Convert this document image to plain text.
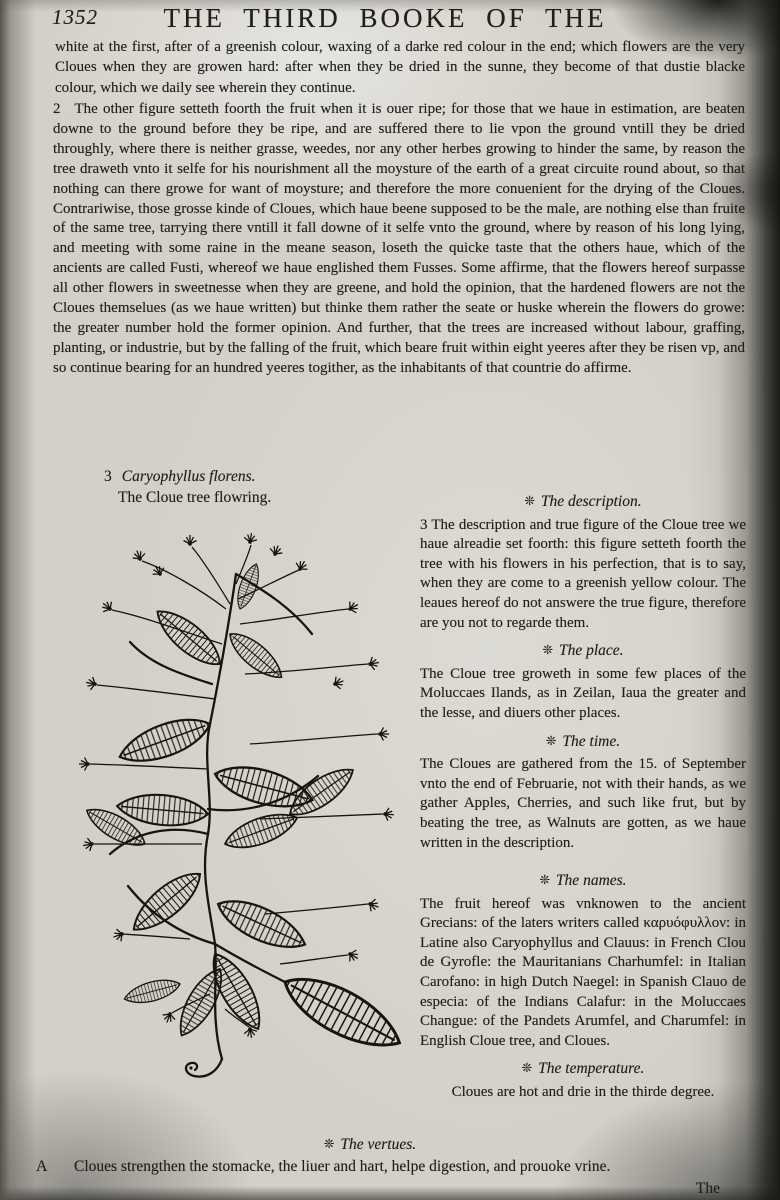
1352	THE THIRD BOOKE OF THE

white at the first, after of a greenish colour, waxing of a darke red colour in the end; which flowers are the very Cloues when they are growen hard: after when they be dried in the sunne, they become of that dustie blacke colour, which we daily see wherein they continue.

2 The other figure setteth foorth the fruit when it is ouer ripe; for those that we haue in estimation, are beaten downe to the ground before they be ripe, and are suffered there to lie vpon the ground vntill they be dried throughly, where there is neither grasse, weedes, nor any other herbes growing to hinder the same, by reason the tree draweth vnto it selfe for his nourishment all the moysture of the earth of a great circuite round about, so that nothing can there growe for want of moysture; and therefore the more conuenient for the drying of the Cloues. Contrariwise, those grosse kinde of Cloues, which haue beene supposed to be the male, are nothing else than fruite of the same tree, tarrying there vntill it fall downe of it selfe vnto the ground, where by reason of his long lying, and meeting with some raine in the meane season, loseth the quicke taste that the others haue, which of the ancients are called Fusti, whereof we haue englished them Fusses. Some affirme, that the flowers hereof surpasse all other flowers in sweetnesse when they are greene, and hold the opinion, that the hardened flowers are not the Cloues themselues (as we haue written) but thinke them rather the seate or huske wherein the flowers do growe: the greater number hold the former opinion. And further, that the trees are increased without labour, graffing, planting, or industrie, but by the falling of the fruit, which beare fruit within eight yeeres after they be risen vp, and so continue bearing for an hundred yeeres togither, as the inhabitants of that countrie do affirme.

3 Caryophyllus florens.
The Cloue tree flowring.	❊ The description.

3 The description and true figure of the Cloue tree we haue alreadie set foorth: this figure setteth foorth the tree with his flowers in his perfection, that is to say, when they are come to a greenish yellow colour. The leaues hereof do not answere the true figure, therefore are you not to regarde them.

❊ The place.

The Cloue tree groweth in some few places of the Moluccaes Ilands, as in Zeilan, Iaua the greater and the lesse, and diuers other places.

❊ The time.

The Cloues are gathered from the 15. of September vnto the end of Februarie, not with their hands, as we gather Apples, Cherries, and such like frut, but by beating the tree, as Walnuts are gotten, as we haue written in the description.

❊ The names.

The fruit hereof was vnknowen to the ancient Grecians: of the laters writers called καρυόφυλλον: in Latine also Caryophyllus and Clauus: in French Clou de Gyrofle: the Mauritanians Charhumfel: in Italian Carofano: in high Dutch Naegel: in Spanish Clauo de especia: of the Indians Calafur: in the Moluccaes Changue: of the Pandets Arumfel, and Charumfel: in English Cloue tree, and Cloues.

❊ The temperature.

Cloues are hot and drie in the thirde degree.

❊ The vertues.
A	Cloues strengthen the stomacke, the liuer and hart, helpe digestion, and prouoke vrine.
The
